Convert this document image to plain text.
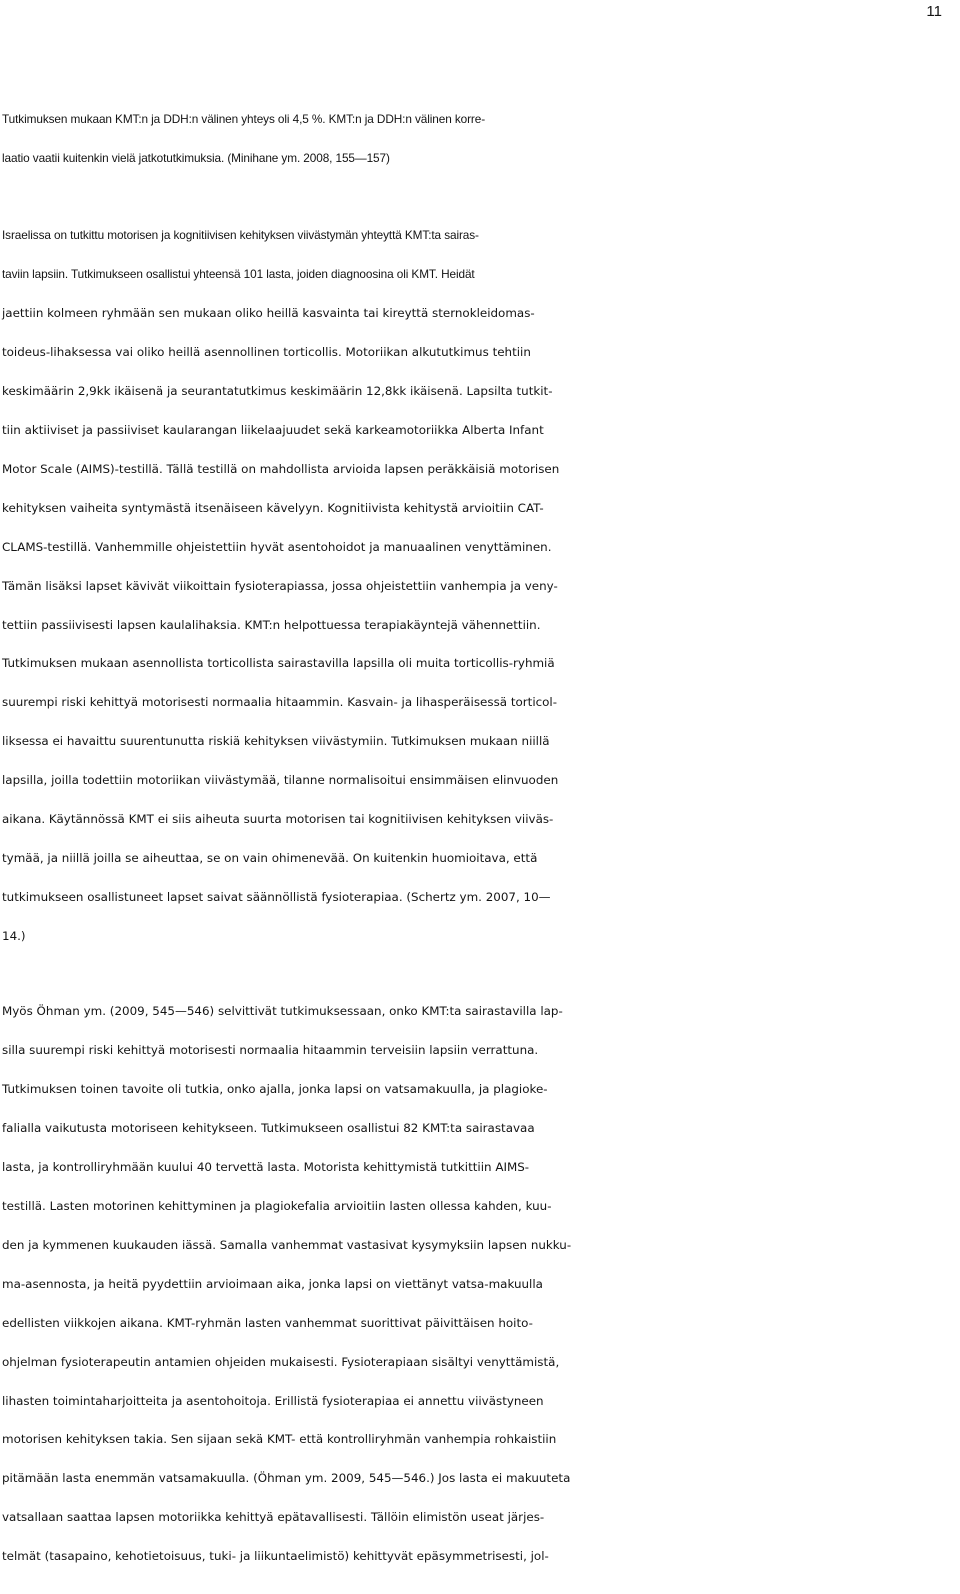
11
Tutkimuksen mukaan KMT:n ja DDH:n välinen yhteys oli 4,5 %. KMT:n ja DDH:n välinen korre-
laatio vaatii kuitenkin vielä jatkotutkimuksia. (Minihane ym. 2008, 155—157)
Israelissa on tutkittu motorisen ja kognitiivisen kehityksen viivästymän yhteyttä KMT:ta sairas-
taviin lapsiin. Tutkimukseen osallistui yhteensä 101 lasta, joiden diagnoosina oli KMT. Heidät
jaettiin kolmeen ryhmään sen mukaan oliko heillä kasvainta tai kireyttä sternokleidomas-
toideus-lihaksessa vai oliko heillä asennollinen torticollis. Motoriikan alkututkimus tehtiin
keskimäärin 2,9kk ikäisenä ja seurantatutkimus keskimäärin 12,8kk ikäisenä. Lapsilta tutkit-
tiin aktiiviset ja passiiviset kaularangan liikelaajuudet sekä karkeamotoriikka Alberta Infant
Motor Scale (AIMS)-testillä. Tällä testillä on mahdollista arvioida lapsen peräkkäisiä motorisen
kehityksen vaiheita syntymästä itsenäiseen kävelyyn. Kognitiivista kehitystä arvioitiin CAT-
CLAMS-testillä. Vanhemmille ohjeistettiin hyvät asentohoidot ja manuaalinen venyttäminen.
Tämän lisäksi lapset kävivät viikoittain fysioterapiassa, jossa ohjeistettiin vanhempia ja veny-
tettiin passiivisesti lapsen kaulalihaksia. KMT:n helpottuessa terapiakäyntejä vähennettiin.
Tutkimuksen mukaan asennollista torticollista sairastavilla lapsilla oli muita torticollis-ryhmiä
suurempi riski kehittyä motorisesti normaalia hitaammin. Kasvain- ja lihasperäisessä torticol-
liksessa ei havaittu suurentunutta riskiä kehityksen viivästymiin. Tutkimuksen mukaan niillä
lapsilla, joilla todettiin motoriikan viivästymää, tilanne normalisoitui ensimmäisen elinvuoden
aikana. Käytännössä KMT ei siis aiheuta suurta motorisen tai kognitiivisen kehityksen viiväs-
tymää, ja niillä joilla se aiheuttaa, se on vain ohimenevää. On kuitenkin huomioitava, että
tutkimukseen osallistuneet lapset saivat säännöllistä fysioterapiaa. (Schertz ym. 2007, 10—
14.)
Myös Öhman ym. (2009, 545—546) selvittivät tutkimuksessaan, onko KMT:ta sairastavilla lap-
silla suurempi riski kehittyä motorisesti normaalia hitaammin terveisiin lapsiin verrattuna.
Tutkimuksen toinen tavoite oli tutkia, onko ajalla, jonka lapsi on vatsamakuulla, ja plagioke-
falialla vaikutusta motoriseen kehitykseen. Tutkimukseen osallistui 82 KMT:ta sairastavaa
lasta, ja kontrolliryhmään kuului 40 tervettä lasta. Motorista kehittymistä tutkittiin AIMS-
testillä. Lasten motorinen kehittyminen ja plagiokefalia arvioitiin lasten ollessa kahden, kuu-
den ja kymmenen kuukauden iässä. Samalla vanhemmat vastasivat kysymyksiin lapsen nukku-
ma-asennosta, ja heitä pyydettiin arvioimaan aika, jonka lapsi on viettänyt vatsa-makuulla
edellisten viikkojen aikana. KMT-ryhmän lasten vanhemmat suorittivat päivittäisen hoito-
ohjelman fysioterapeutin antamien ohjeiden mukaisesti. Fysioterapiaan sisältyi venyttämistä,
lihasten toimintaharjoitteita ja asentohoitoja. Erillistä fysioterapiaa ei annettu viivästyneen
motorisen kehityksen takia. Sen sijaan sekä KMT- että kontrolliryhmän vanhempia rohkaistiin
pitämään lasta enemmän vatsamakuulla. (Öhman ym. 2009, 545—546.) Jos lasta ei makuuteta
vatsallaan saattaa lapsen motoriikka kehittyä epätavallisesti. Tällöin elimistön useat järjes-
telmät (tasapaino, kehotietoisuus, tuki- ja liikuntaelimistö) kehittyvät epäsymmetrisesti, jol-
